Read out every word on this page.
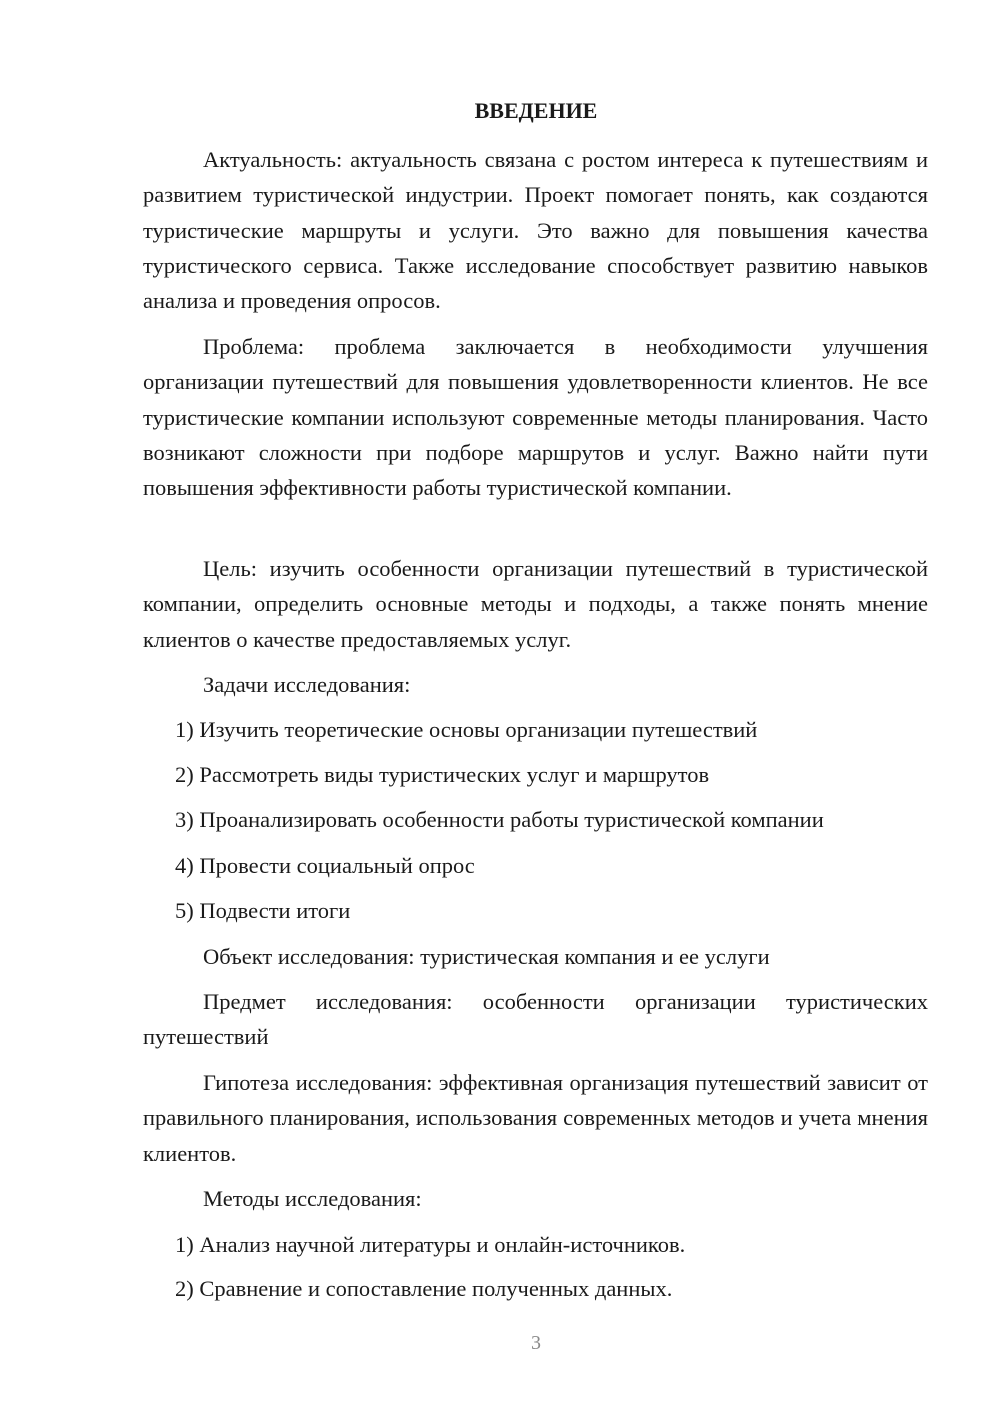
ВВЕДЕНИЕ

Актуальность: актуальность связана с ростом интереса к путешествиям и развитием туристической индустрии. Проект помогает понять, как создаются туристические маршруты и услуги. Это важно для повышения качества туристического сервиса. Также исследование способствует развитию навыков анализа и проведения опросов.

Проблема: проблема заключается в необходимости улучшения организации путешествий для повышения удовлетворенности клиентов. Не все туристические компании используют современные методы планирования. Часто возникают сложности при подборе маршрутов и услуг. Важно найти пути повышения эффективности работы туристической компании.

Цель: изучить особенности организации путешествий в туристической компании, определить основные методы и подходы, а также понять мнение клиентов о качестве предоставляемых услуг.

Задачи исследования:

1) Изучить теоретические основы организации путешествий

2) Рассмотреть виды туристических услуг и маршрутов

3) Проанализировать особенности работы туристической компании

4) Провести социальный опрос

5) Подвести итоги

Объект исследования: туристическая компания и ее услуги

Предмет исследования: особенности организации туристических путешествий

Гипотеза исследования: эффективная организация путешествий зависит от правильного планирования, использования современных методов и учета мнения клиентов.

Методы исследования:

1) Анализ научной литературы и онлайн-источников.

2) Сравнение и сопоставление полученных данных.

3
